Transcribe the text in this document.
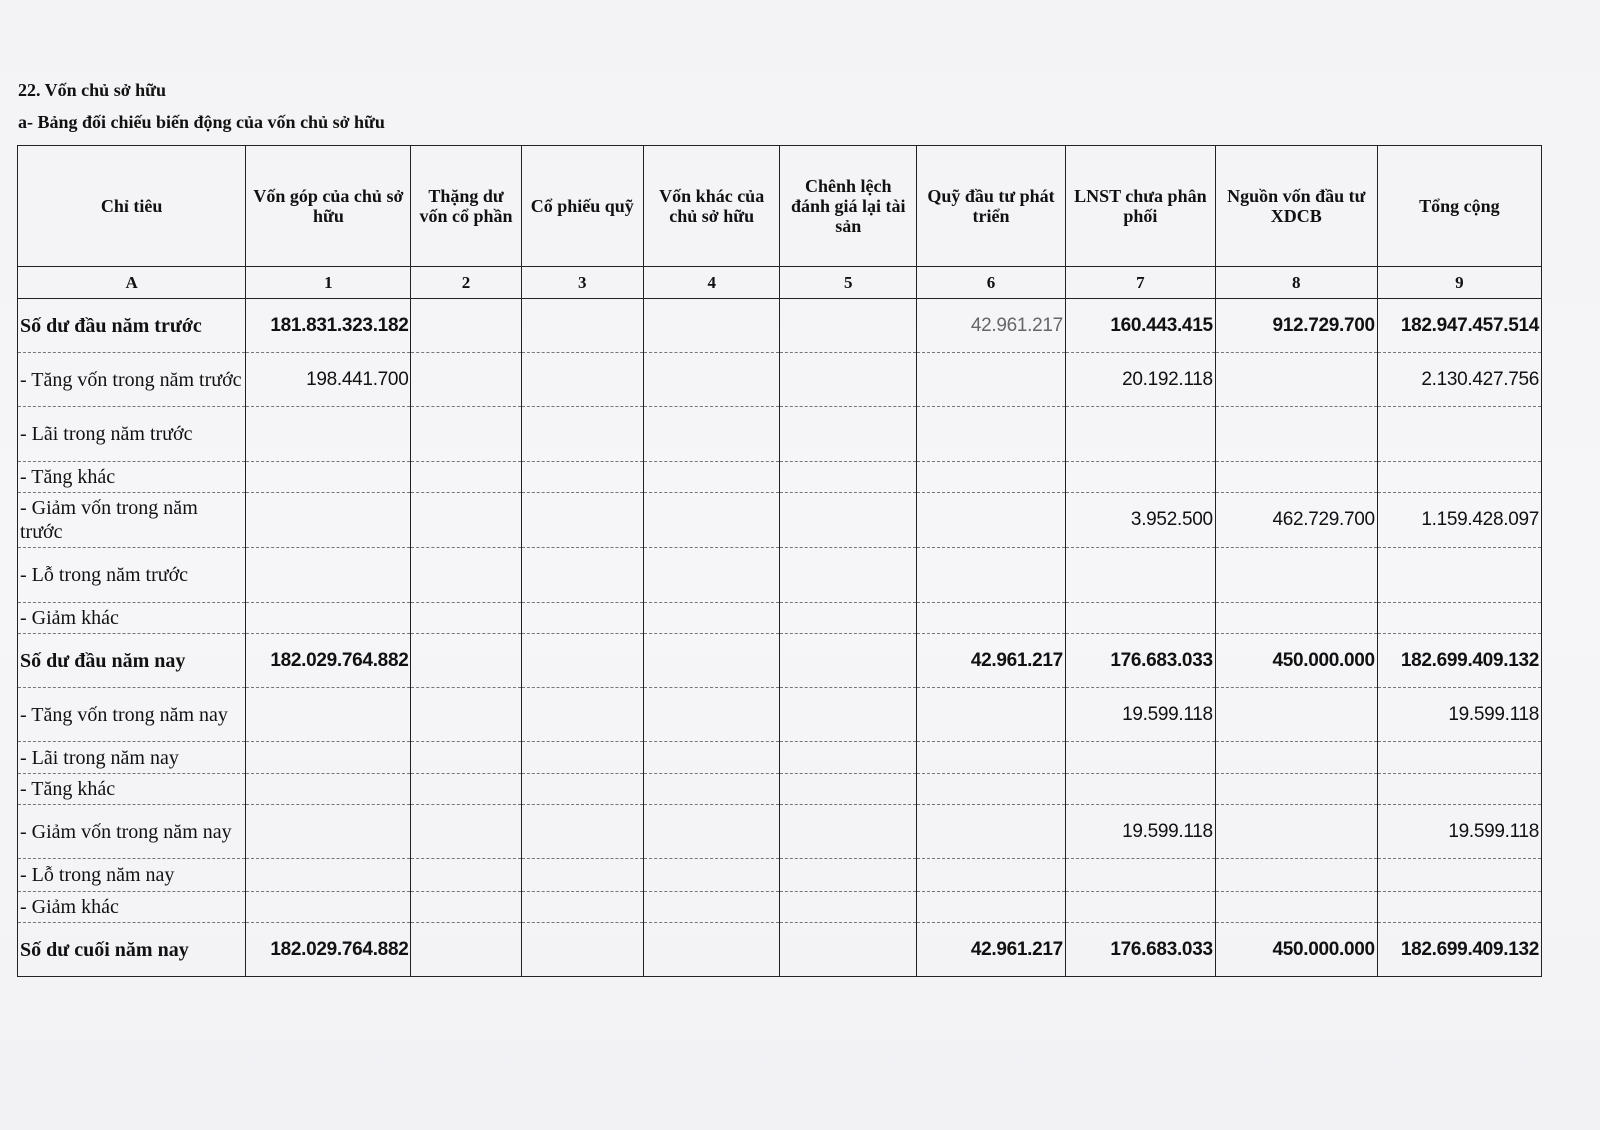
22. Vốn chủ sở hữu
a- Bảng đối chiếu biến động của vốn chủ sở hữu
Chỉ tiêu	Vốn góp của chủ sở hữu	Thặng dư vốn cổ phần	Cổ phiếu quỹ	Vốn khác của chủ sở hữu	Chênh lệch đánh giá lại tài sản	Quỹ đầu tư phát triển	LNST chưa phân phối	Nguồn vốn đầu tư XDCB	Tổng cộng
A	1	2	3	4	5	6	7	8	9
Số dư đầu năm trước	181.831.323.182					42.961.217	160.443.415	912.729.700	182.947.457.514
- Tăng vốn trong năm trước	198.441.700						20.192.118		2.130.427.756
- Lãi trong năm trước									
- Tăng khác									
- Giảm vốn trong năm trước							3.952.500	462.729.700	1.159.428.097
- Lỗ trong năm trước									
- Giảm khác									
Số dư đầu năm nay	182.029.764.882					42.961.217	176.683.033	450.000.000	182.699.409.132
- Tăng vốn trong năm nay							19.599.118		19.599.118
- Lãi trong năm nay									
- Tăng khác									
- Giảm vốn trong năm nay							19.599.118		19.599.118
- Lỗ trong năm nay									
- Giảm khác									
Số dư cuối năm nay	182.029.764.882					42.961.217	176.683.033	450.000.000	182.699.409.132
